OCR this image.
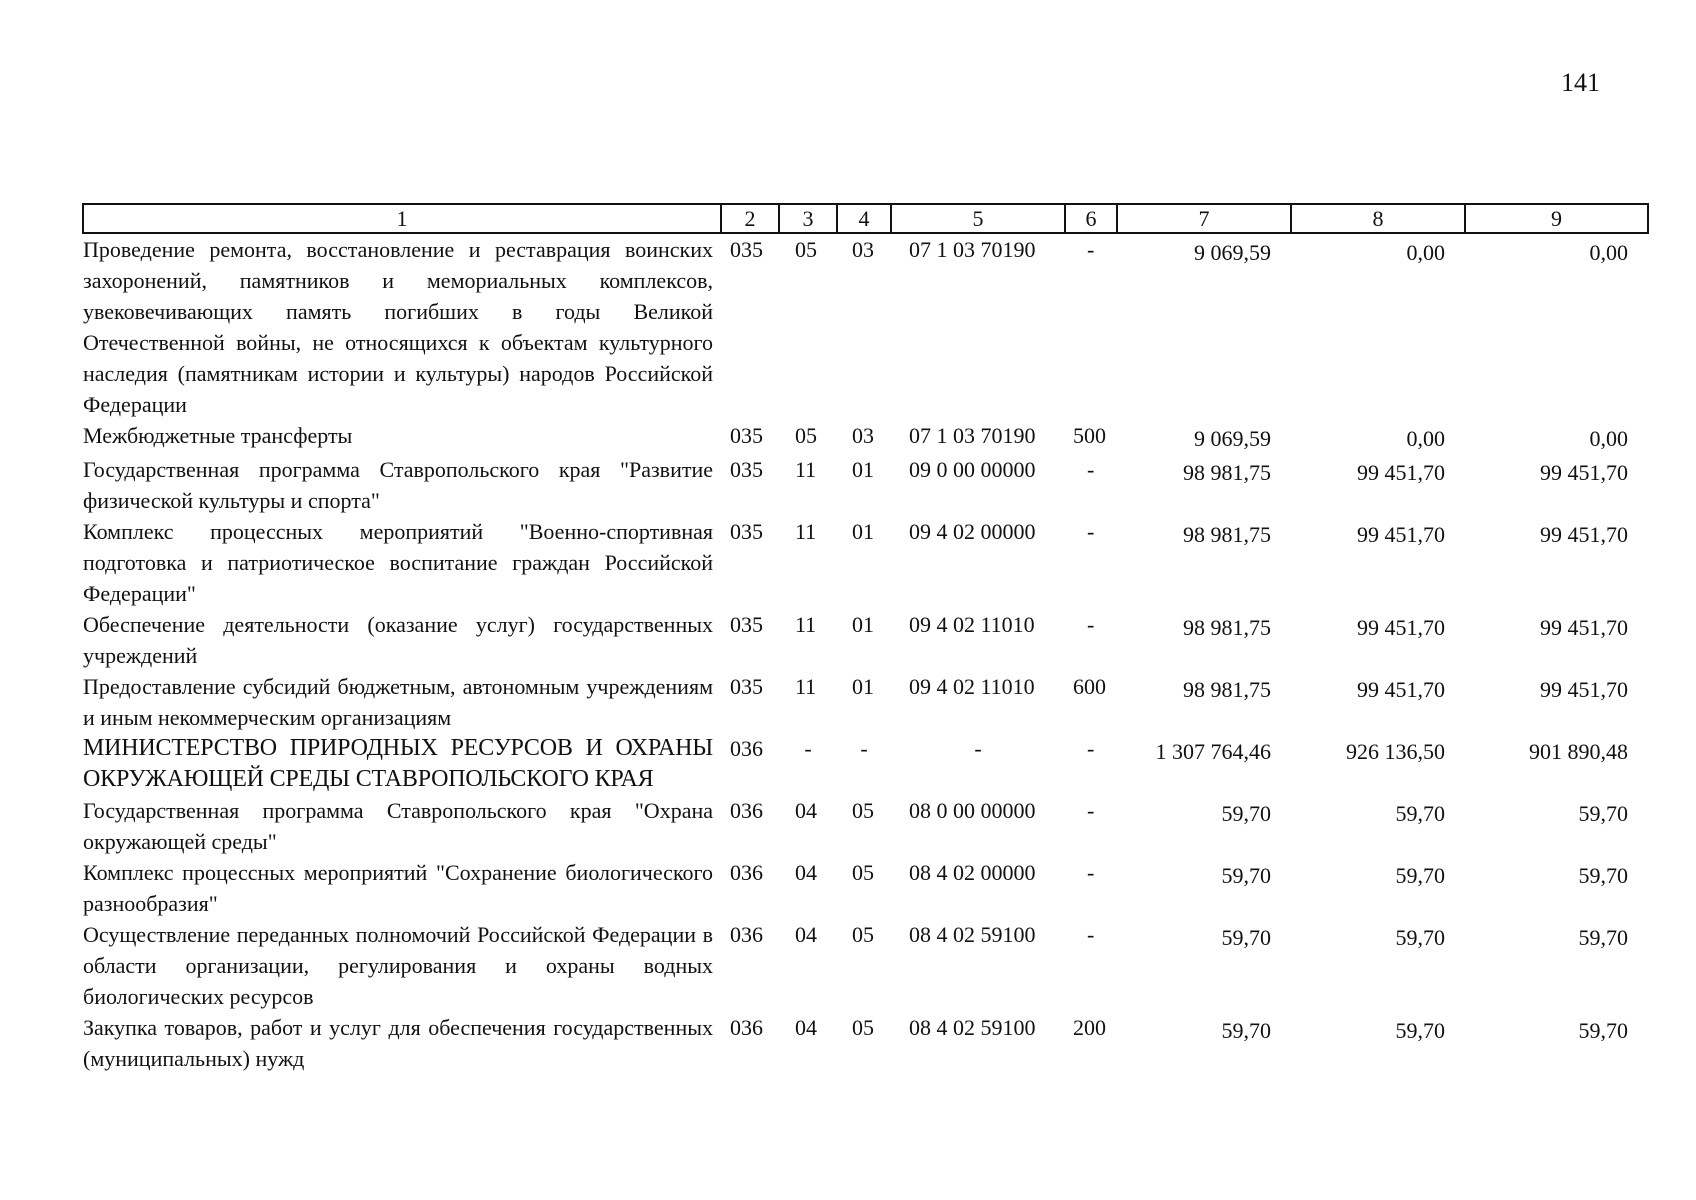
141
1	2	3	4	5	6	7	8	9
Проведение ремонта, восстановление и реставрация воинских захоронений, памятников и мемориальных комплексов, увековечивающих память погибших в годы Великой Отечественной войны, не относящихся к объектам культурного наследия (памятникам истории и культуры) народов Российской Федерации	035	05	03	07 1 03 70190	-	9 069,59	0,00	0,00
Межбюджетные трансферты	035	05	03	07 1 03 70190	500	9 069,59	0,00	0,00
Государственная программа Ставропольского края "Развитие физической культуры и спорта"	035	11	01	09 0 00 00000	-	98 981,75	99 451,70	99 451,70
Комплекс процессных мероприятий "Военно-спортивная подготовка и патриотическое воспитание граждан Российской Федерации"	035	11	01	09 4 02 00000	-	98 981,75	99 451,70	99 451,70
Обеспечение деятельности (оказание услуг) государственных учреждений	035	11	01	09 4 02 11010	-	98 981,75	99 451,70	99 451,70
Предоставление субсидий бюджетным, автономным учреждениям и иным некоммерческим организациям	035	11	01	09 4 02 11010	600	98 981,75	99 451,70	99 451,70
МИНИСТЕРСТВО ПРИРОДНЫХ РЕСУРСОВ И ОХРАНЫ ОКРУЖАЮЩЕЙ СРЕДЫ СТАВРОПОЛЬСКОГО КРАЯ	036	-	-	-	-	1 307 764,46	926 136,50	901 890,48
Государственная программа Ставропольского края "Охрана окружающей среды"	036	04	05	08 0 00 00000	-	59,70	59,70	59,70
Комплекс процессных мероприятий "Сохранение биологического разнообразия"	036	04	05	08 4 02 00000	-	59,70	59,70	59,70
Осуществление переданных полномочий Российской Федерации в области организации, регулирования и охраны водных биологических ресурсов	036	04	05	08 4 02 59100	-	59,70	59,70	59,70
Закупка товаров, работ и услуг для обеспечения государственных (муниципальных) нужд	036	04	05	08 4 02 59100	200	59,70	59,70	59,70
